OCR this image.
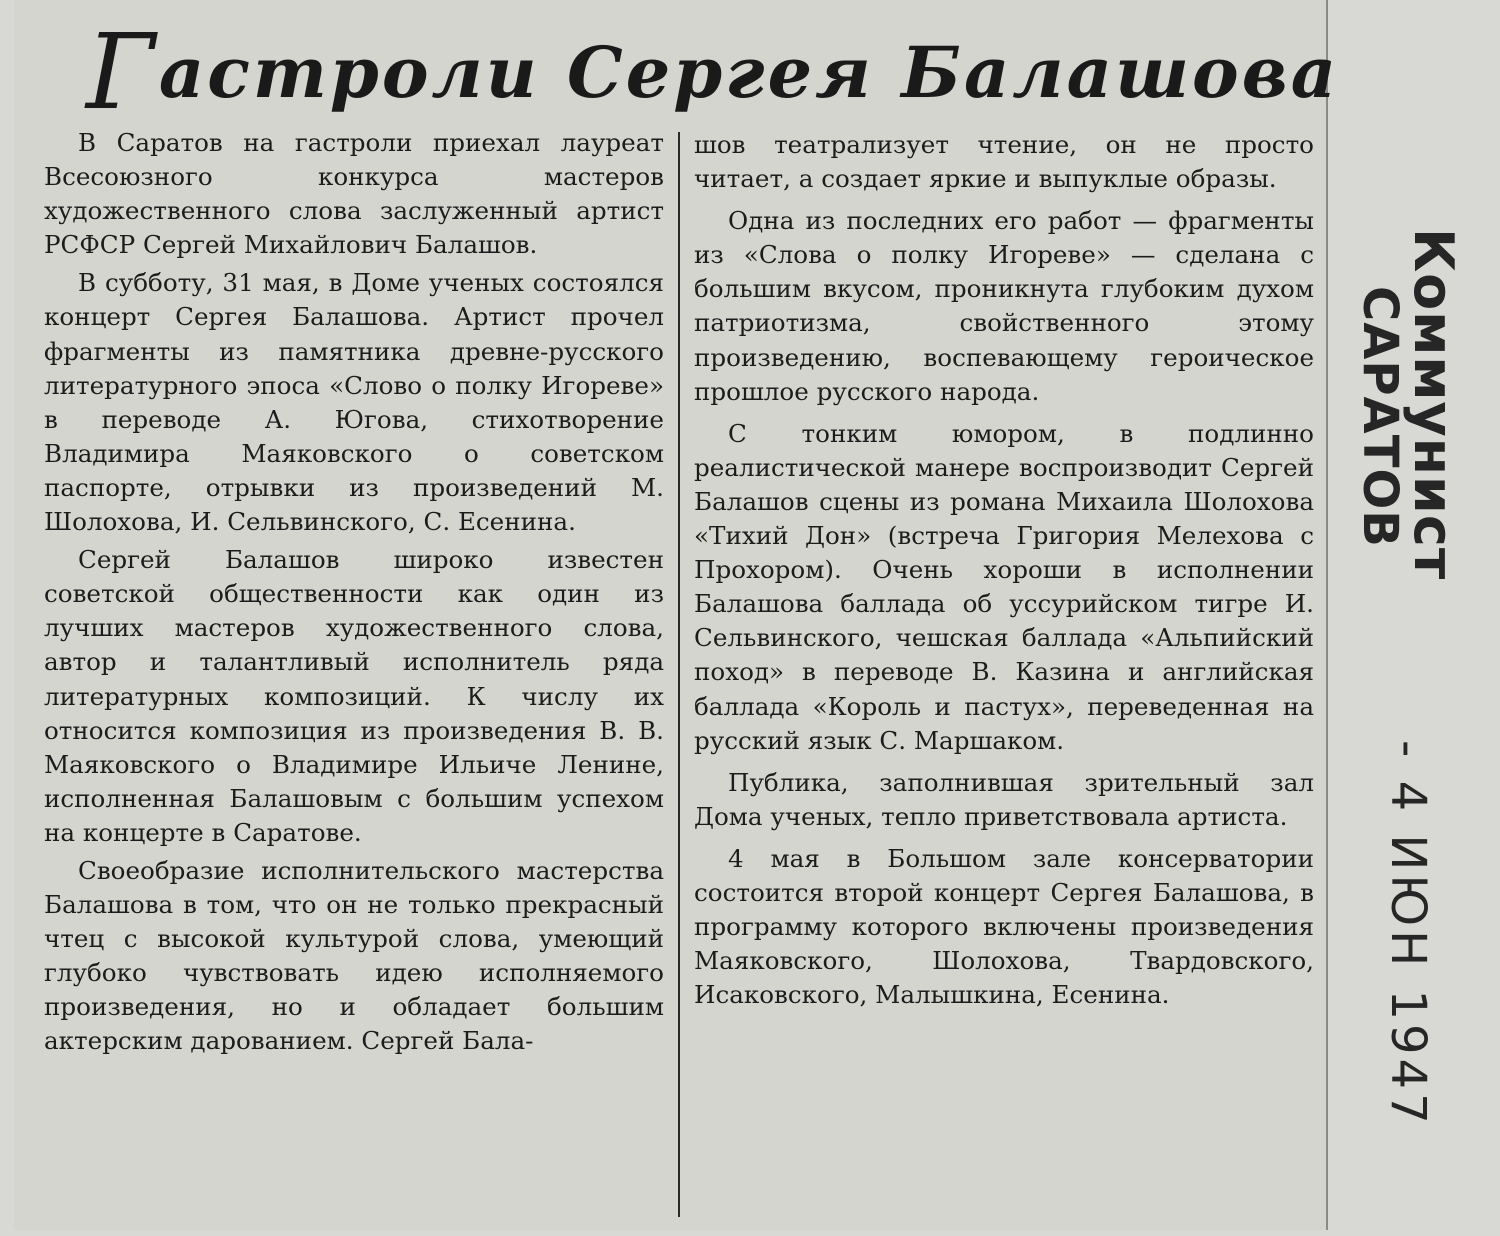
Г астроли Сергея Балашова

В Саратов на гастроли приехал лауреат Всесоюзного конкурса мастеров художественного слова заслуженный артист РСФСР Сергей Михайлович Балашов.

В субботу, 31 мая, в Доме ученых состоялся концерт Сергея Балашова. Артист прочел фрагменты из памятника древне-русского литературного эпоса «Слово о полку Игореве» в переводе А. Югова, стихотворение Владимира Маяковского о советском паспорте, отрывки из произведений М. Шолохова, И. Сельвинского, С. Есенина.

Сергей Балашов широко известен советской общественности как один из лучших мастеров художественного слова, автор и талантливый исполнитель ряда литературных композиций. К числу их относится композиция из произведения В. В. Маяковского о Владимире Ильиче Ленине, исполненная Балашовым с большим успехом на концерте в Саратове.

Своеобразие исполнительского мастерства Балашова в том, что он не только прекрасный чтец с высокой культурой слова, умеющий глубоко чувствовать идею исполняемого произведения, но и обладает большим актерским дарованием. Сергей Бала-

шов театрализует чтение, он не просто читает, а создает яркие и выпуклые образы.

Одна из последних его работ — фрагменты из «Слова о полку Игореве» — сделана с большим вкусом, проникнута глубоким духом патриотизма, свойственного этому произведению, воспевающему героическое прошлое русского народа.

С тонким юмором, в подлинно реалистической манере воспроизводит Сергей Балашов сцены из романа Михаила Шолохова «Тихий Дон» (встреча Григория Мелехова с Прохором). Очень хороши в исполнении Балашова баллада об уссурийском тигре И. Сельвинского, чешская баллада «Альпийский поход» в переводе В. Казина и английская баллада «Король и пастух», переведенная на русский язык С. Маршаком.

Публика, заполнившая зрительный зал Дома ученых, тепло приветствовала артиста.

4 мая в Большом зале консерватории состоится второй концерт Сергея Балашова, в программу которого включены произведения Маяковского, Шолохова, Твардовского, Исаковского, Малышкина, Есенина.

Коммунист
САРАТОВ
- 4 ИЮН 1947
